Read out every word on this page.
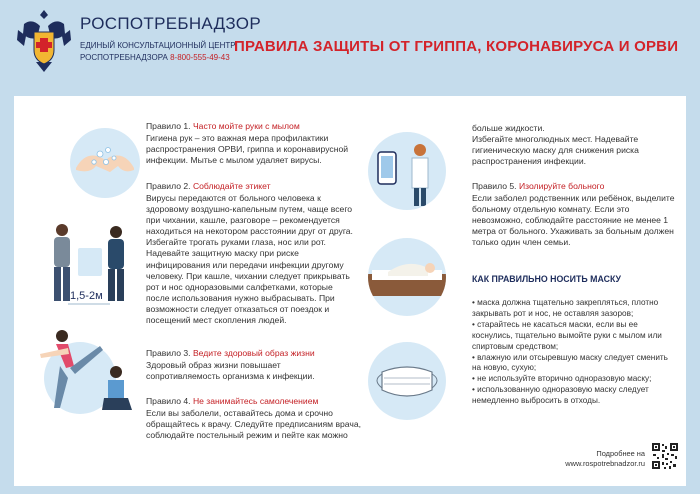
РОСПОТРЕБНАДЗОР
ЕДИНЫЙ КОНСУЛЬТАЦИОННЫЙ ЦЕНТР
РОСПОТРЕБНАДЗОРА 8-800-555-49-43
ПРАВИЛА ЗАЩИТЫ ОТ ГРИППА, КОРОНАВИРУСА И ОРВИ
1,5-2м
Правило 1. Часто мойте руки с мылом
Гигиена рук – это важная мера профилактики
распространения ОРВИ, гриппа и коронавирусной
инфекции. Мытье с мылом удаляет вирусы.
Правило 2. Соблюдайте этикет
Вирусы передаются от больного человека к
здоровому воздушно-капельным путем, чаще всего
при чихании, кашле, разговоре – рекомендуется
находиться на некотором расстоянии друг от друга.
Избегайте трогать руками глаза, нос или рот.
Надевайте защитную маску при риске
инфицирования или передачи инфекции другому
человеку. При кашле, чихании следует прикрывать
рот и нос одноразовыми салфетками, которые
после использования нужно выбрасывать. При
возможности следует отказаться от поездок и
посещений мест скопления людей.
Правило 3. Ведите здоровый образ жизни
Здоровый образ жизни повышает
сопротивляемость организма к инфекции.
Правило 4. Не занимайтесь самолечением
Если вы заболели, оставайтесь дома и срочно
обращайтесь к врачу. Следуйте предписаниям врача,
соблюдайте постельный режим и пейте как можно
больше жидкости.
Избегайте многолюдных мест. Надевайте
гигиеническую маску для снижения риска
распространения инфекции.
Правило 5. Изолируйте больного
Если заболел родственник или ребёнок, выделите
больному отдельную комнату. Если это
невозможно, соблюдайте расстояние не менее 1
метра от больного. Ухаживать за больным должен
только один член семьи.
КАК ПРАВИЛЬНО НОСИТЬ МАСКУ
• маска должна тщательно закрепляться, плотно
закрывать рот и нос, не оставляя зазоров;
• старайтесь не касаться маски, если вы ее
коснулись, тщательно вымойте руки с мылом или
спиртовым средством;
• влажную или отсыревшую маску следует сменить
на новую, сухую;
• не используйте вторично одноразовую маску;
• использованную одноразовую маску следует
немедленно выбросить в отходы.
Подробнее на
www.rospotrebnadzor.ru
